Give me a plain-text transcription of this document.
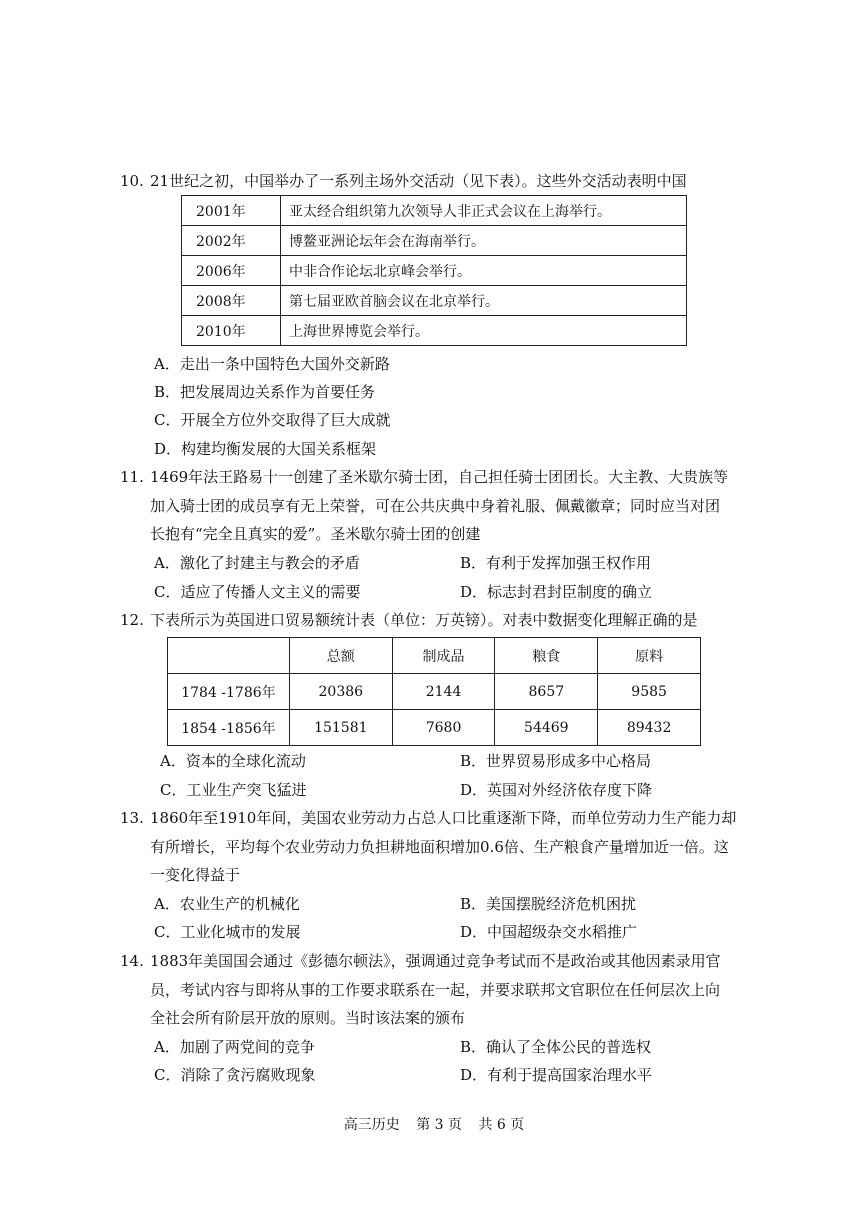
10. 21世纪之初，中国举办了一系列主场外交活动（见下表）。这些外交活动表明中国
2001年	亚太经合组织第九次领导人非正式会议在上海举行。
2002年	博鳌亚洲论坛年会在海南举行。
2006年	中非合作论坛北京峰会举行。
2008年	第七届亚欧首脑会议在北京举行。
2010年	上海世界博览会举行。
A．走出一条中国特色大国外交新路
B．把发展周边关系作为首要任务
C．开展全方位外交取得了巨大成就
D．构建均衡发展的大国关系框架
11. 1469年法王路易十一创建了圣米歇尔骑士团，自己担任骑士团团长。大主教、大贵族等
加入骑士团的成员享有无上荣誉，可在公共庆典中身着礼服、佩戴徽章；同时应当对团
长抱有“完全且真实的爱”。圣米歇尔骑士团的创建
A．激化了封建主与教会的矛盾	B．有利于发挥加强王权作用
C．适应了传播人文主义的需要	D．标志封君封臣制度的确立
12. 下表所示为英国进口贸易额统计表（单位：万英镑）。对表中数据变化理解正确的是
	总额	制成品	粮食	原料
1784 -1786年	20386	2144	8657	9585
1854 -1856年	151581	7680	54469	89432
A．资本的全球化流动	B．世界贸易形成多中心格局
C．工业生产突飞猛进	D．英国对外经济依存度下降
13. 1860年至1910年间，美国农业劳动力占总人口比重逐渐下降，而单位劳动力生产能力却
有所增长，平均每个农业劳动力负担耕地面积增加0.6倍、生产粮食产量增加近一倍。这
一变化得益于
A．农业生产的机械化	B．美国摆脱经济危机困扰
C．工业化城市的发展	D．中国超级杂交水稻推广
14. 1883年美国国会通过《彭德尔顿法》，强调通过竞争考试而不是政治或其他因素录用官
员，考试内容与即将从事的工作要求联系在一起，并要求联邦文官职位在任何层次上向
全社会所有阶层开放的原则。当时该法案的颁布
A．加剧了两党间的竞争	B．确认了全体公民的普选权
C．消除了贪污腐败现象	D．有利于提高国家治理水平
高三历史 第 3 页 共 6 页
